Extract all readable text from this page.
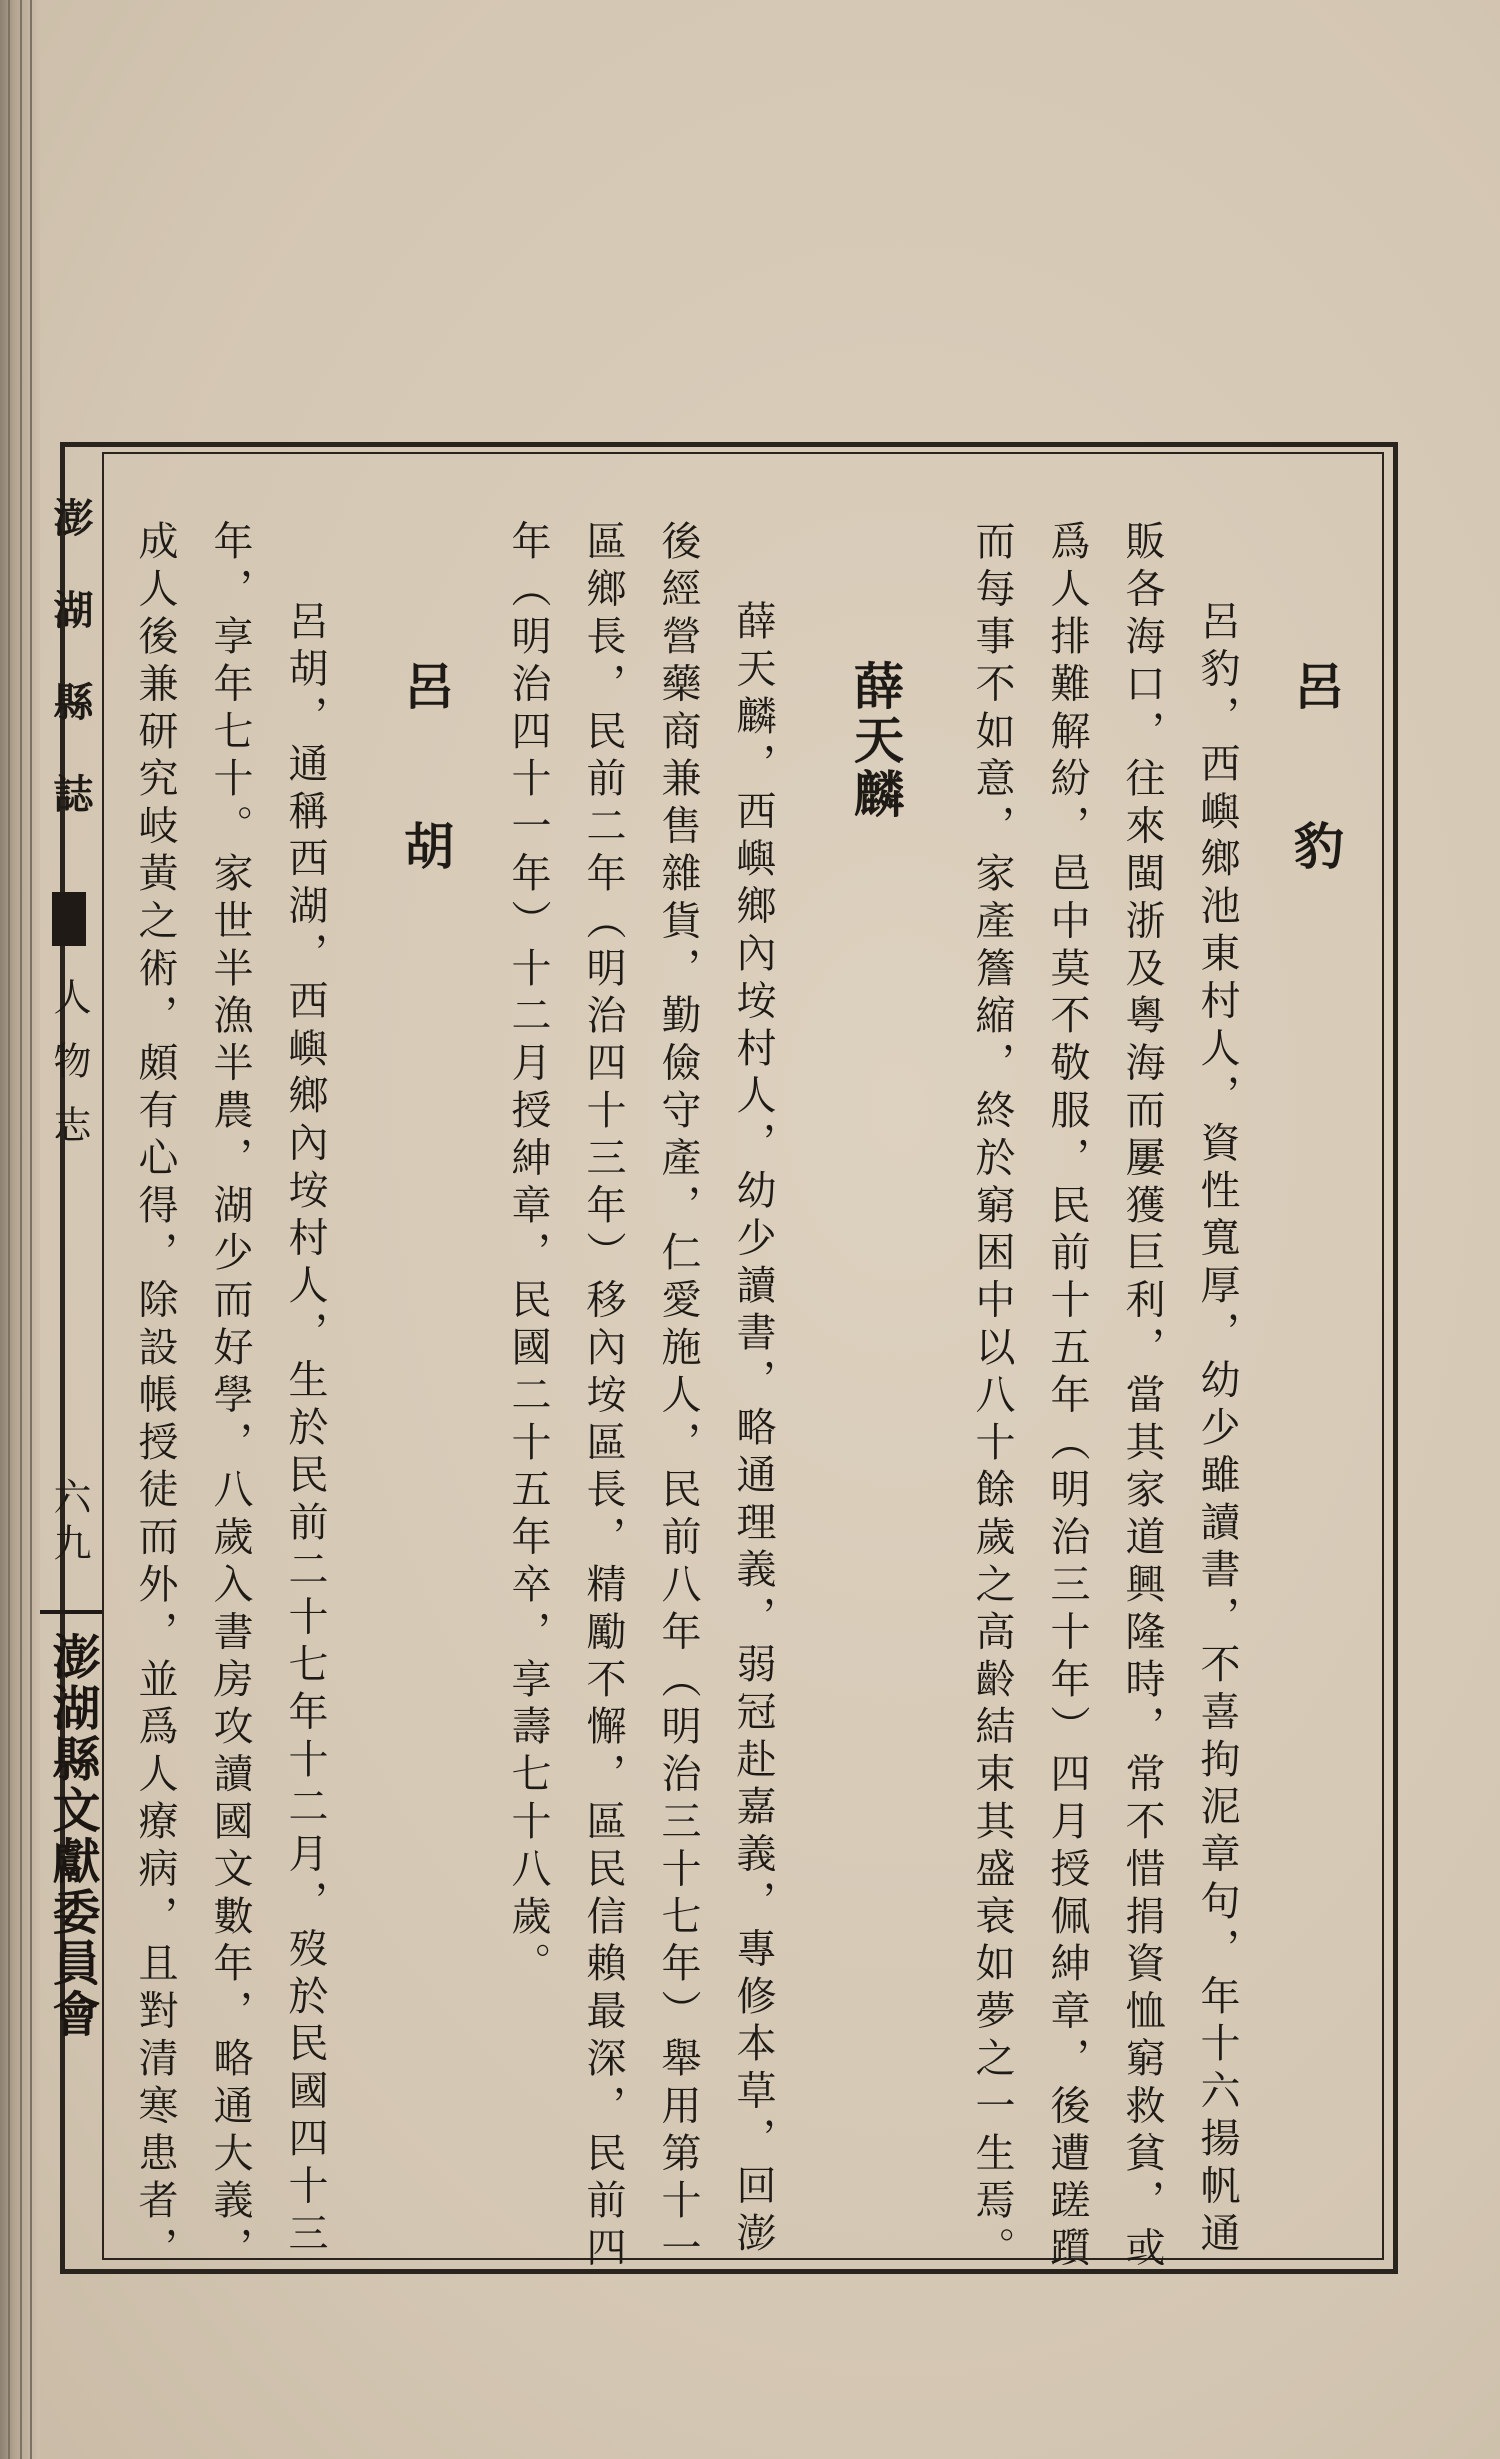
呂　豹
呂豹，西嶼鄉池東村人，資性寬厚，幼少雖讀書，不喜拘泥章句，年十六揚帆通
販各海口，往來閩浙及粵海而屢獲巨利，當其家道興隆時，常不惜捐資恤窮救貧，或
爲人排難解紛，邑中莫不敬服，民前十五年（明治三十年）四月授佩紳章，後遭蹉躓
而每事不如意，家產簷縮，終於窮困中以八十餘歲之高齡結束其盛衰如夢之一生焉。
薛天麟
薛天麟，西嶼鄉內垵村人，幼少讀書，略通理義，弱冠赴嘉義，專修本草，回澎
後經營藥商兼售雜貨，勤儉守產，仁愛施人，民前八年（明治三十七年）舉用第十一
區鄉長，民前二年（明治四十三年）移內垵區長，精勵不懈，區民信賴最深，民前四
年（明治四十一年）十二月授紳章，民國二十五年卒，享壽七十八歲。
呂　胡
呂胡，通稱西湖，西嶼鄉內垵村人，生於民前二十七年十二月，歿於民國四十三
年，享年七十。家世半漁半農，湖少而好學，八歲入書房攻讀國文數年，略通大義，
成人後兼研究岐黃之術，頗有心得，除設帳授徒而外，並爲人療病，且對清寒患者，
澎湖縣誌
人物志
六九
澎湖縣文獻委員會
